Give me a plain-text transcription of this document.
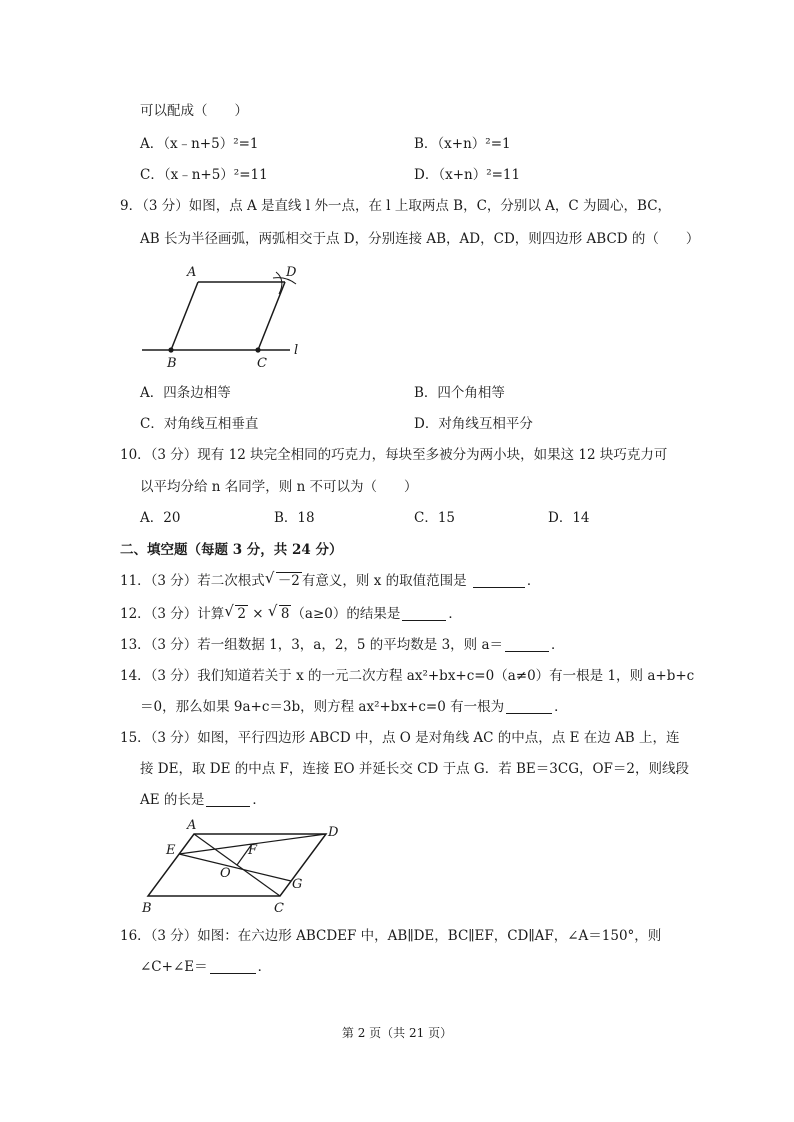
可以配成（　　）
A．（x﹣n+5）²=1	B．（x+n）²=1
C．（x﹣n+5）²=11	D．（x+n）²=11
9．（3 分）如图，点 A 是直线 l 外一点，在 l 上取两点 B，C，分别以 A，C 为圆心，BC，
AB 长为半径画弧，两弧相交于点 D，分别连接 AB，AD，CD，则四边形 ABCD 的（　　）
A	D
B	C
l
A．四条边相等	B．四个角相等
C．对角线互相垂直	D．对角线互相平分
10．（3 分）现有 12 块完全相同的巧克力，每块至多被分为两小块，如果这 12 块巧克力可
以平均分给 n 名同学，则 n 不可以为（　　）
A．20	B．18	C．15	D．14
二、填空题（每题 3 分，共 24 分）
11．（3 分）若二次根式 √ －2 有意义，则 x 的取值范围是	．
12．（3 分）计算 √ 2 × √ 8 （a≥0）的结果是	．
13．（3 分）若一组数据 1，3，a，2，5 的平均数是 3，则 a＝	．
14．（3 分）我们知道若关于 x 的一元二次方程 ax²+bx+c=0（a≠0）有一根是 1，则 a+b+c
＝0，那么如果 9a+c＝3b，则方程 ax²+bx+c=0 有一根为	．
15．（3 分）如图，平行四边形 ABCD 中，点 O 是对角线 AC 的中点，点 E 在边 AB 上，连
接 DE，取 DE 的中点 F，连接 EO 并延长交 CD 于点 G．若 BE＝3CG，OF＝2，则线段
AE 的长是	．
A	D
E	F
O
G
B	C
16．（3 分）如图：在六边形 ABCDEF 中，AB∥DE，BC∥EF，CD∥AF，∠A＝150°，则
∠C+∠E＝	．
第 2 页（共 21 页）
